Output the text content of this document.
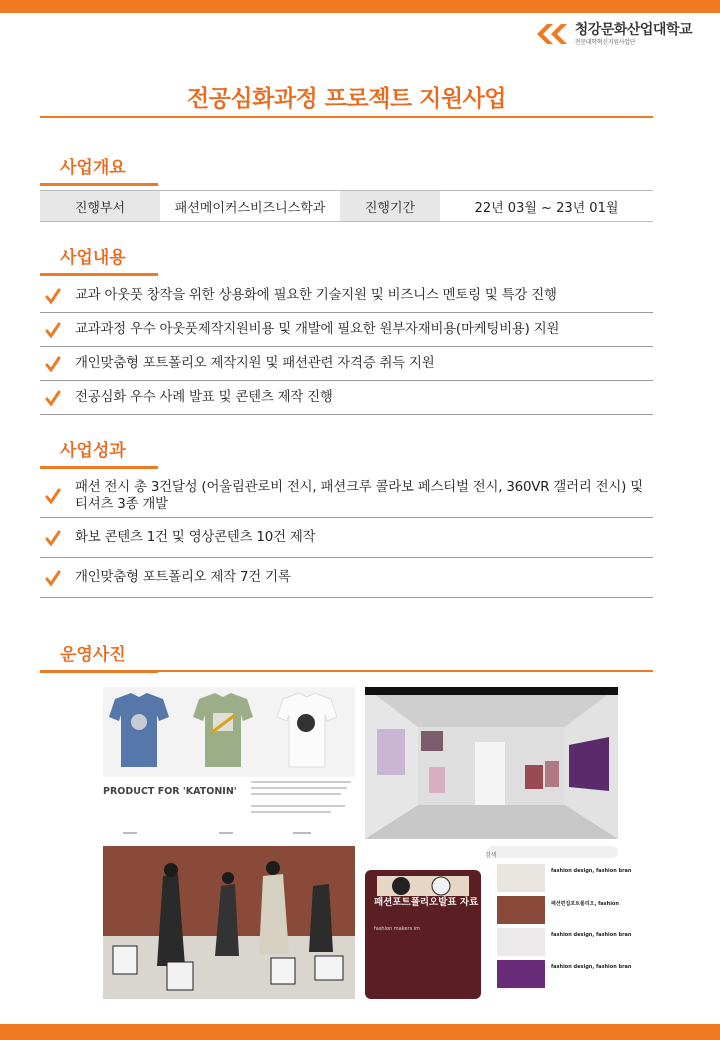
청강문화산업대학교
전문대학혁신지원사업단
전공심화과정 프로젝트 지원사업
사업개요
진행부서	패션메이커스비즈니스학과	진행기간	22년 03월 ~ 23년 01월
사업내용
교과 아웃풋 창작을 위한 상용화에 필요한 기술지원 및 비즈니스 멘토링 및 특강 진행
교과과정 우수 아웃풋제작지원비용 및 개발에 필요한 원부자재비용(마케팅비용) 지원
개인맞춤형 포트폴리오 제작지원 및 패션관련 자격증 취득 지원
전공심화 우수 사례 발표 및 콘텐츠 제작 진행
사업성과
패션 전시 총 3건달성 (어울림관로비 전시, 패션크루 콜라보 페스티벌 전시, 360VR 갤러리 전시) 및 티셔츠 3종 개발
화보 콘텐츠 1건 및 영상콘텐츠 10건 제작
개인맞춤형 포트폴리오 제작 7건 기록
운영사진
PRODUCT FOR 'KATONIN'
검색
패션포트폴리오발표 자료
fashion makers im
fashion design, fashion bran
패션편집포트폴리오, fashion
fashion design, fashion bran
fashion design, fashion bran
